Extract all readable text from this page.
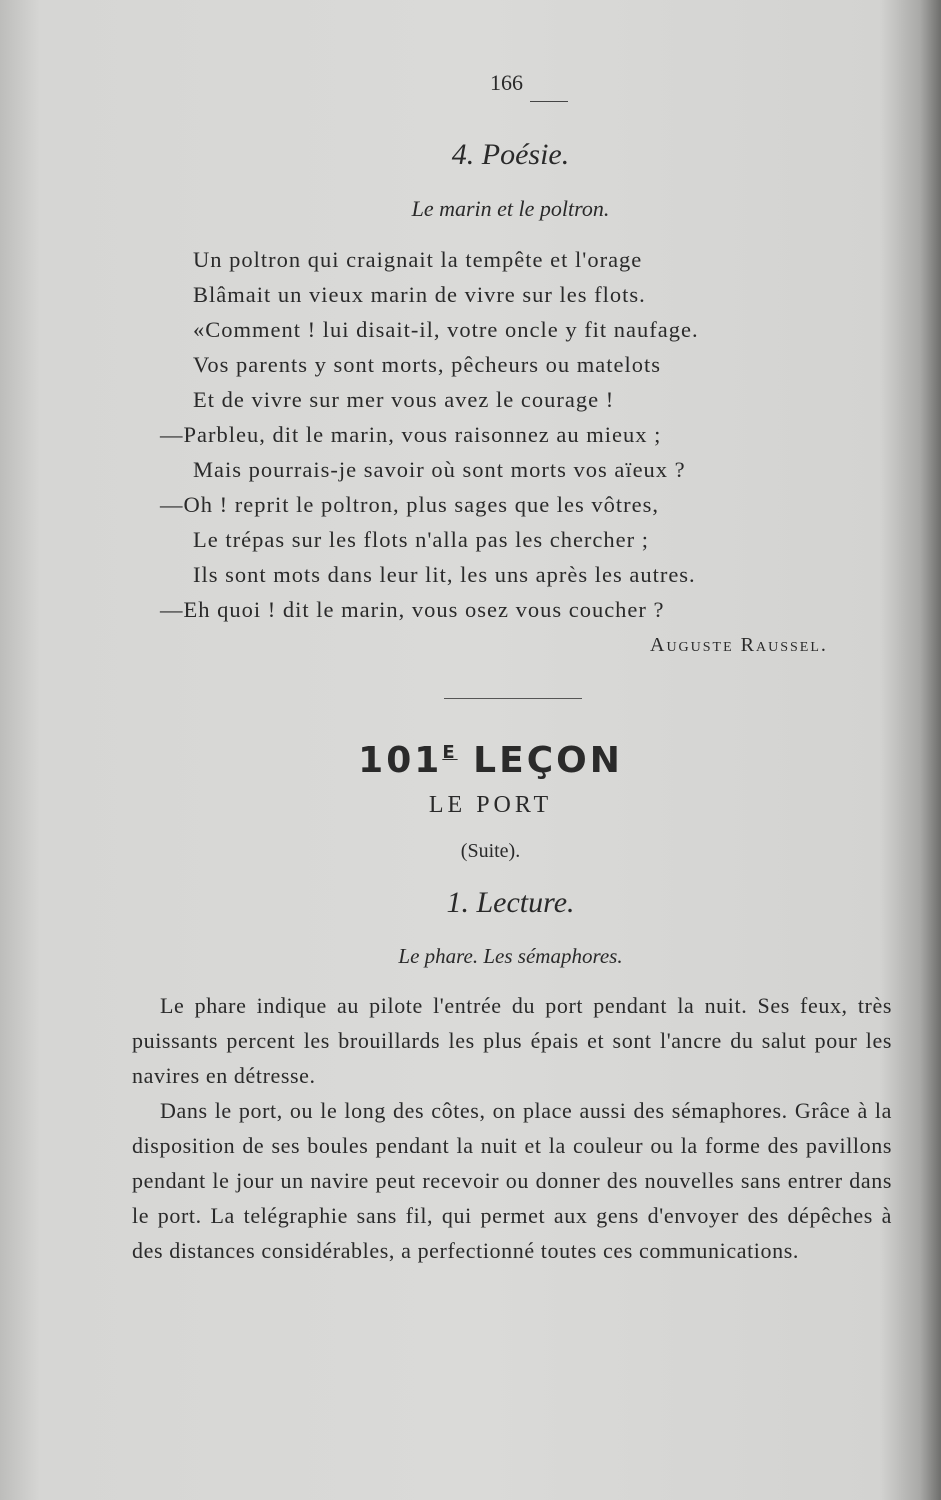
166
4. Poésie.
Le marin et le poltron.
Un poltron qui craignait la tempête et l'orage
Blâmait un vieux marin de vivre sur les flots.
«Comment ! lui disait-il, votre oncle y fit naufage.
Vos parents y sont morts, pêcheurs ou matelots
Et de vivre sur mer vous avez le courage !
—Parbleu, dit le marin, vous raisonnez au mieux ;
Mais pourrais-je savoir où sont morts vos aïeux ?
—Oh ! reprit le poltron, plus sages que les vôtres,
Le trépas sur les flots n'alla pas les chercher ;
Ils sont mots dans leur lit, les uns après les autres.
—Eh quoi ! dit le marin, vous osez vous coucher ?
Auguste Raussel.
$101^E$ LEÇON
LE PORT
(Suite).
1. Lecture.
Le phare. Les sémaphores.

Le phare indique au pilote l'entrée du port pendant la nuit. Ses feux, très puissants percent les brouillards les plus épais et sont l'ancre du salut pour les navires en détresse.

Dans le port, ou le long des côtes, on place aussi des sémaphores. Grâce à la disposition de ses boules pendant la nuit et la couleur ou la forme des pavillons pendant le jour un navire peut recevoir ou donner des nouvelles sans entrer dans le port. La telégraphie sans fil, qui permet aux gens d'envoyer des dépêches à des distances considérables, a perfectionné toutes ces communications.
